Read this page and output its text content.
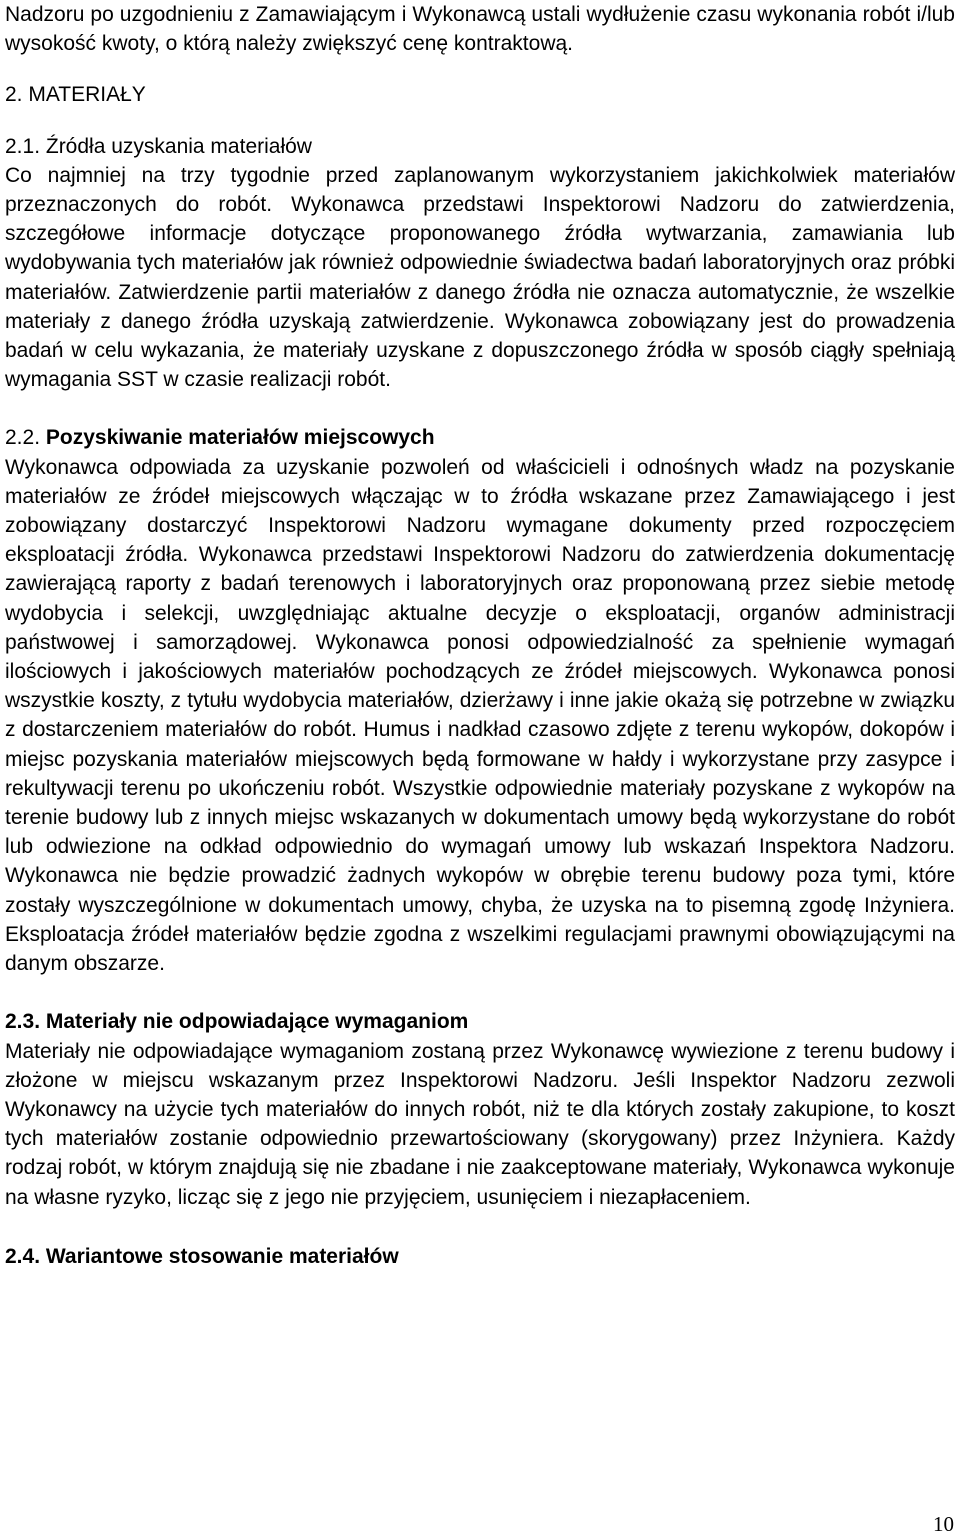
Nadzoru po uzgodnieniu z Zamawiającym i Wykonawcą ustali wydłużenie czasu wykonania robót i/lub wysokość kwoty, o którą należy zwiększyć cenę kontraktową.

2. MATERIAŁY

2.1. Źródła uzyskania materiałów

Co najmniej na trzy tygodnie przed zaplanowanym wykorzystaniem jakichkolwiek materiałów przeznaczonych do robót. Wykonawca przedstawi Inspektorowi Nadzoru do zatwierdzenia, szczegółowe informacje dotyczące proponowanego źródła wytwarzania, zamawiania lub wydobywania tych materiałów jak również odpowiednie świadectwa badań laboratoryjnych oraz próbki materiałów. Zatwierdzenie partii materiałów z danego źródła nie oznacza automatycznie, że wszelkie materiały z danego źródła uzyskają zatwierdzenie. Wykonawca zobowiązany jest do prowadzenia badań w celu wykazania, że materiały uzyskane z dopuszczonego źródła w sposób ciągły spełniają wymagania SST w czasie realizacji robót.

2.2. Pozyskiwanie materiałów miejscowych

Wykonawca odpowiada za uzyskanie pozwoleń od właścicieli i odnośnych władz na pozyskanie materiałów ze źródeł miejscowych włączając w to źródła wskazane przez Zamawiającego i jest zobowiązany dostarczyć Inspektorowi Nadzoru wymagane dokumenty przed rozpoczęciem eksploatacji źródła. Wykonawca przedstawi Inspektorowi Nadzoru do zatwierdzenia dokumentację zawierającą raporty z badań terenowych i laboratoryjnych oraz proponowaną przez siebie metodę wydobycia i selekcji, uwzględniając aktualne decyzje o eksploatacji, organów administracji państwowej i samorządowej. Wykonawca ponosi odpowiedzialność za spełnienie wymagań ilościowych i jakościowych materiałów pochodzących ze źródeł miejscowych. Wykonawca ponosi wszystkie koszty, z tytułu wydobycia materiałów, dzierżawy i inne jakie okażą się potrzebne w związku z dostarczeniem materiałów do robót. Humus i nadkład czasowo zdjęte z terenu wykopów, dokopów i miejsc pozyskania materiałów miejscowych będą formowane w hałdy i wykorzystane przy zasypce i rekultywacji terenu po ukończeniu robót. Wszystkie odpowiednie materiały pozyskane z wykopów na terenie budowy lub z innych miejsc wskazanych w dokumentach umowy będą wykorzystane do robót lub odwiezione na odkład odpowiednio do wymagań umowy lub wskazań Inspektora Nadzoru. Wykonawca nie będzie prowadzić żadnych wykopów w obrębie terenu budowy poza tymi, które zostały wyszczególnione w dokumentach umowy, chyba, że uzyska na to pisemną zgodę Inżyniera. Eksploatacja źródeł materiałów będzie zgodna z wszelkimi regulacjami prawnymi obowiązującymi na danym obszarze.

2.3. Materiały nie odpowiadające wymaganiom

Materiały nie odpowiadające wymaganiom zostaną przez Wykonawcę wywiezione z terenu budowy i złożone w miejscu wskazanym przez Inspektorowi Nadzoru. Jeśli Inspektor Nadzoru zezwoli Wykonawcy na użycie tych materiałów do innych robót, niż te dla których zostały zakupione, to koszt tych materiałów zostanie odpowiednio przewartościowany (skorygowany) przez Inżyniera. Każdy rodzaj robót, w którym znajdują się nie zbadane i nie zaakceptowane materiały, Wykonawca wykonuje na własne ryzyko, licząc się z jego nie przyjęciem, usunięciem i niezapłaceniem.

2.4. Wariantowe stosowanie materiałów

10
